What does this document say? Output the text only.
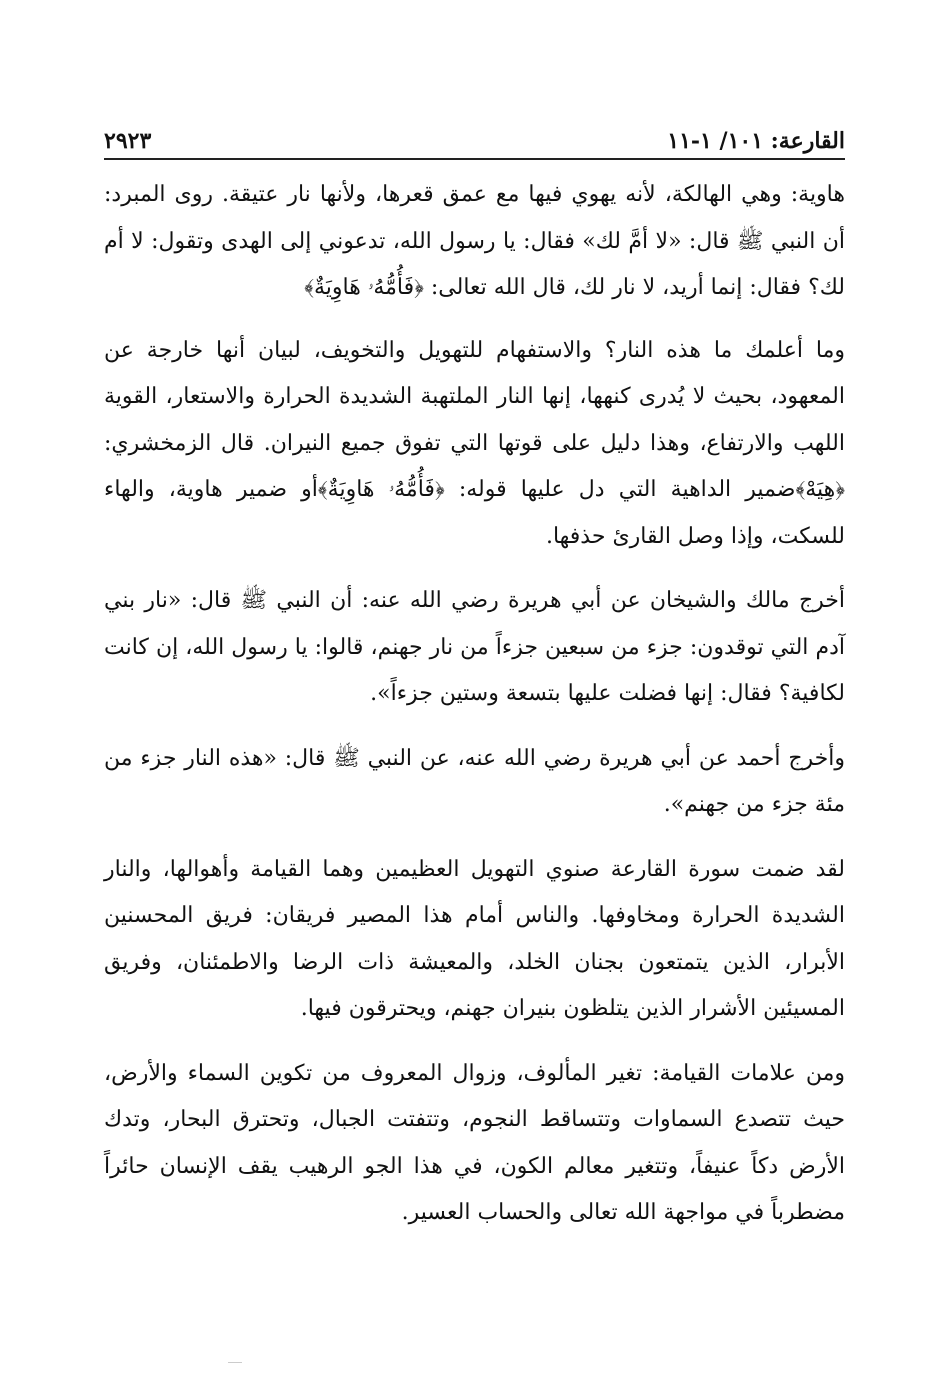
القارعة: ١٠١/ ١-١١
٢٩٢٣

هاوية: وهي الهالكة، لأنه يهوي فيها مع عمق قعرها، ولأنها نار عتيقة. روى المبرد: أن النبي ﷺ قال: «لا أمَّ لك» فقال: يا رسول الله، تدعوني إلى الهدى وتقول: لا أم لك؟ فقال: إنما أريد، لا نار لك، قال الله تعالى: ﴿فَأُمُّهُۥ هَاوِيَةٌ﴾

وما أعلمك ما هذه النار؟ والاستفهام للتهويل والتخويف، لبيان أنها خارجة عن المعهود، بحيث لا يُدرى كنهها، إنها النار الملتهبة الشديدة الحرارة والاستعار، القوية اللهب والارتفاع، وهذا دليل على قوتها التي تفوق جميع النيران. قال الزمخشري: ﴿هِيَهْ﴾ضمير الداهية التي دل عليها قوله: ﴿فَأُمُّهُۥ هَاوِيَةٌ﴾أو ضمير هاوية، والهاء للسكت، وإذا وصل القارئ حذفها.

أخرج مالك والشيخان عن أبي هريرة رضي الله عنه: أن النبي ﷺ قال: «نار بني آدم التي توقدون: جزء من سبعين جزءاً من نار جهنم، قالوا: يا رسول الله، إن كانت لكافية؟ فقال: إنها فضلت عليها بتسعة وستين جزءاً».

وأخرج أحمد عن أبي هريرة رضي الله عنه، عن النبي ﷺ قال: «هذه النار جزء من مئة جزء من جهنم».

لقد ضمت سورة القارعة صنوي التهويل العظيمين وهما القيامة وأهوالها، والنار الشديدة الحرارة ومخاوفها. والناس أمام هذا المصير فريقان: فريق المحسنين الأبرار، الذين يتمتعون بجنان الخلد، والمعيشة ذات الرضا والاطمئنان، وفريق المسيئين الأشرار الذين يتلظون بنيران جهنم، ويحترقون فيها.

ومن علامات القيامة: تغير المألوف، وزوال المعروف من تكوين السماء والأرض، حيث تتصدع السماوات وتتساقط النجوم، وتتفتت الجبال، وتحترق البحار، وتدك الأرض دكاً عنيفاً، وتتغير معالم الكون، في هذا الجو الرهيب يقف الإنسان حائراً مضطرباً في مواجهة الله تعالى والحساب العسير.
